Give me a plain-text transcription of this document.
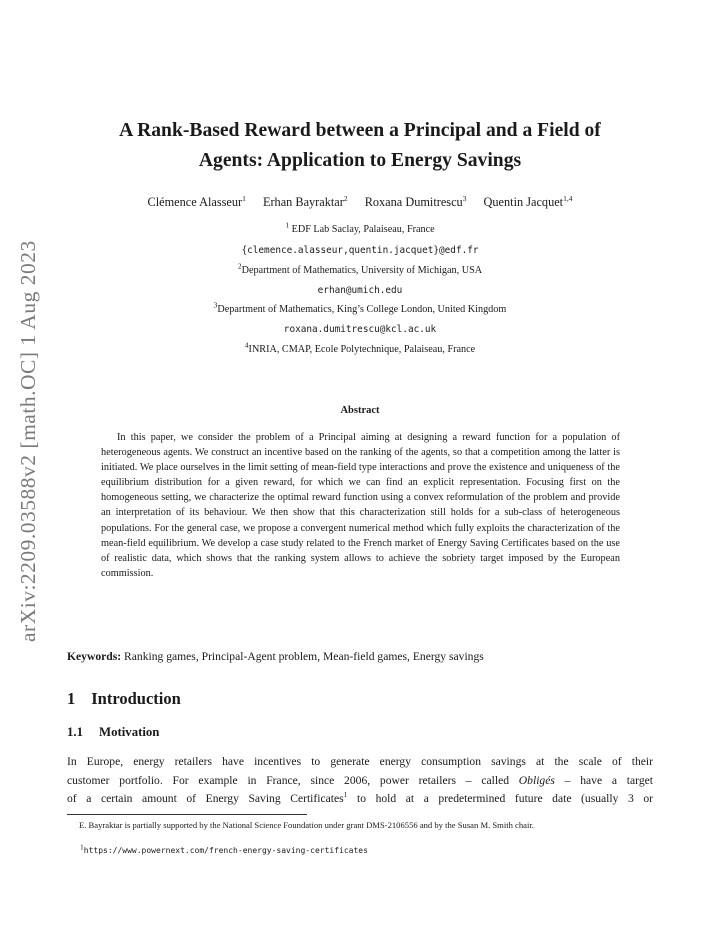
arXiv:2209.03588v2 [math.OC] 1 Aug 2023
A Rank-Based Reward between a Principal and a Field of
Agents: Application to Energy Savings
Clémence Alasseur$^1$ Erhan Bayraktar$^2$ Roxana Dumitrescu$^3$ Quentin Jacquet$^{1,4}$
$^1$ EDF Lab Saclay, Palaiseau, France
{clemence.alasseur,quentin.jacquet}@edf.fr
$^2$Department of Mathematics, University of Michigan, USA
erhan@umich.edu
$^3$Department of Mathematics, King’s College London, United Kingdom
roxana.dumitrescu@kcl.ac.uk
$^4$INRIA, CMAP, Ecole Polytechnique, Palaiseau, France
Abstract
In this paper, we consider the problem of a Principal aiming at designing a reward function for a population of heterogeneous agents. We construct an incentive based on the ranking of the agents, so that a competition among the latter is initiated. We place ourselves in the limit setting of mean-field type interactions and prove the existence and uniqueness of the equilibrium distribution for a given reward, for which we can find an explicit representation. Focusing first on the homogeneous setting, we characterize the optimal reward function using a convex reformulation of the problem and provide an interpretation of its behaviour. We then show that this characterization still holds for a sub-class of heterogeneous populations. For the general case, we propose a convergent numerical method which fully exploits the characterization of the mean-field equilibrium. We develop a case study related to the French market of Energy Saving Certificates based on the use of realistic data, which shows that the ranking system allows to achieve the sobriety target imposed by the European commission.
Keywords: Ranking games, Principal-Agent problem, Mean-field games, Energy savings
1 Introduction
1.1 Motivation
In Europe, energy retailers have incentives to generate energy consumption savings at the scale of their
customer portfolio. For example in France, since 2006, power retailers – called Obligés – have a target
of a certain amount of Energy Saving Certificates$^1$ to hold at a predetermined future date (usually 3 or
E. Bayraktar is partially supported by the National Science Foundation under grant DMS-2106556 and by the Susan M. Smith chair.
$^1$https://www.powernext.com/french-energy-saving-certificates
